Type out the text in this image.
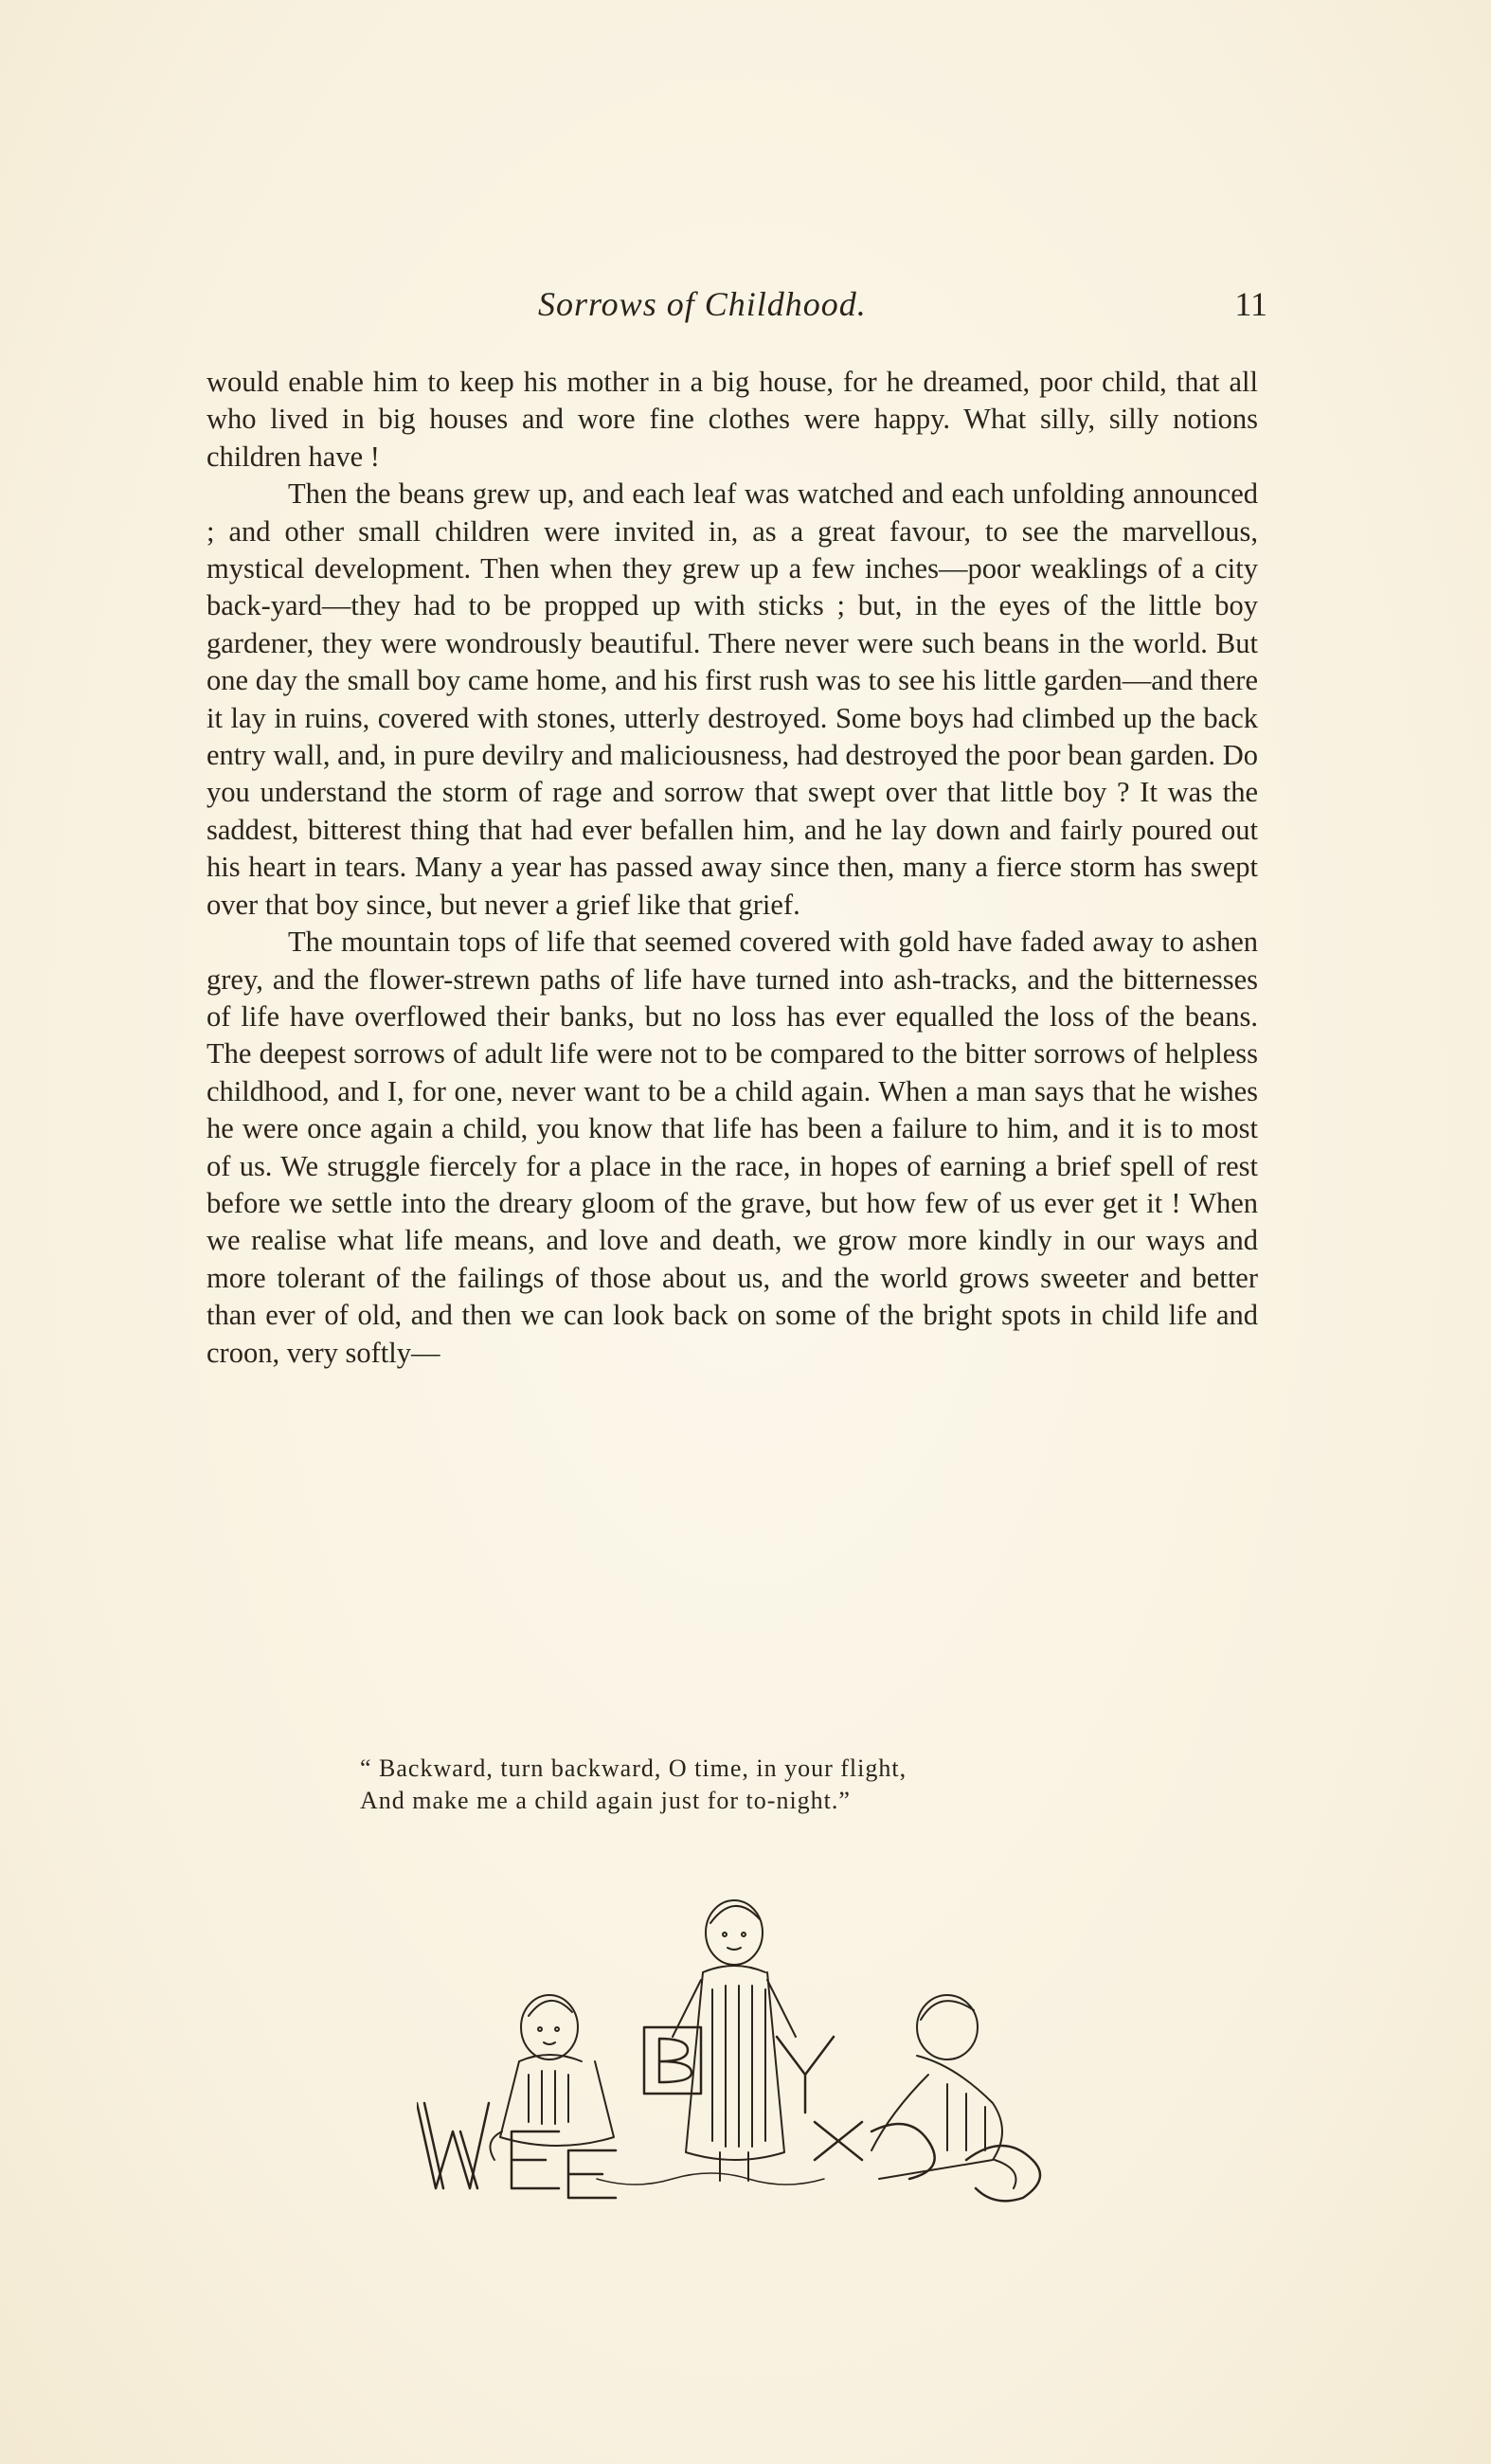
Sorrows of Childhood.	11

would enable him to keep his mother in a big house, for he dreamed, poor child, that all who lived in big houses and wore fine clothes were happy. What silly, silly notions children have !

Then the beans grew up, and each leaf was watched and each unfolding announced ; and other small children were invited in, as a great favour, to see the marvellous, mystical development. Then when they grew up a few inches—poor weaklings of a city back-yard—they had to be propped up with sticks ; but, in the eyes of the little boy gardener, they were wondrously beautiful. There never were such beans in the world. But one day the small boy came home, and his first rush was to see his little garden—and there it lay in ruins, covered with stones, utterly destroyed. Some boys had climbed up the back entry wall, and, in pure devilry and maliciousness, had destroyed the poor bean garden. Do you understand the storm of rage and sorrow that swept over that little boy ? It was the saddest, bitterest thing that had ever befallen him, and he lay down and fairly poured out his heart in tears. Many a year has passed away since then, many a fierce storm has swept over that boy since, but never a grief like that grief.

The mountain tops of life that seemed covered with gold have faded away to ashen grey, and the flower-strewn paths of life have turned into ash-tracks, and the bitternesses of life have overflowed their banks, but no loss has ever equalled the loss of the beans. The deepest sorrows of adult life were not to be compared to the bitter sorrows of helpless childhood, and I, for one, never want to be a child again. When a man says that he wishes he were once again a child, you know that life has been a failure to him, and it is to most of us. We struggle fiercely for a place in the race, in hopes of earning a brief spell of rest before we settle into the dreary gloom of the grave, but how few of us ever get it ! When we realise what life means, and love and death, we grow more kindly in our ways and more tolerant of the failings of those about us, and the world grows sweeter and better than ever of old, and then we can look back on some of the bright spots in child life and croon, very softly—

“ Backward, turn backward, O time, in your flight,
And make me a child again just for to-night.”
